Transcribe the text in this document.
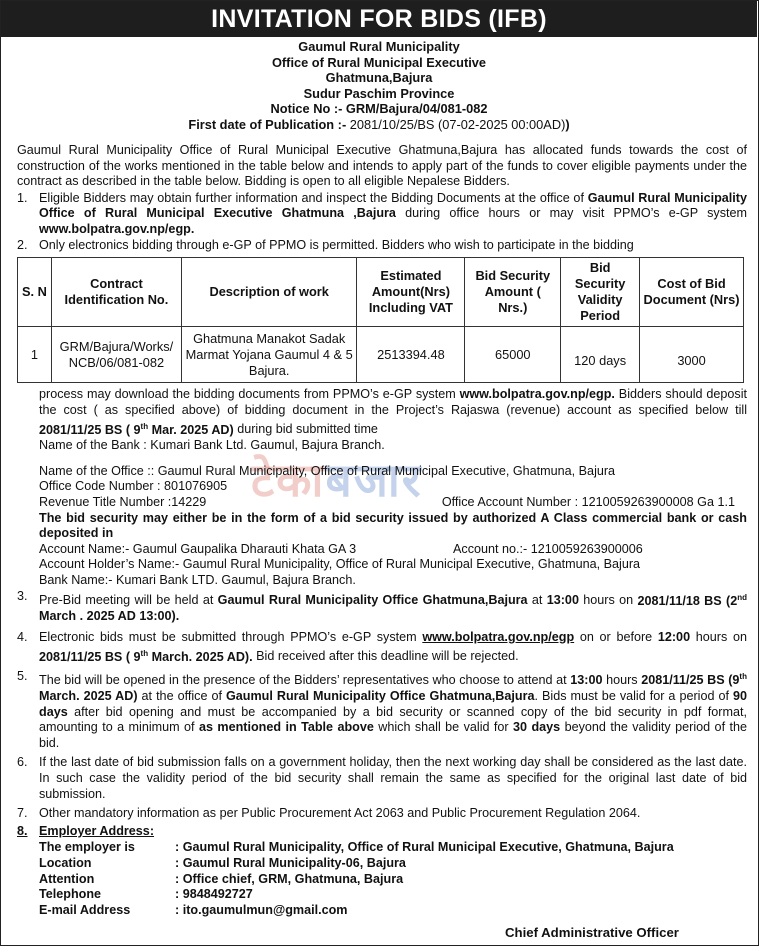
INVITATION FOR BIDS (IFB)
Gaumul Rural Municipality
Office of Rural Municipal Executive
Ghatmuna,Bajura
Sudur Paschim Province
Notice No :- GRM/Bajura/04/081-082
First date of Publication :- 2081/10/25/BS (07-02-2025 00:00AD))
Gaumul Rural Municipality Office of Rural Municipal Executive Ghatmuna,Bajura has allocated funds towards the cost of construction of the works mentioned in the table below and intends to apply part of the funds to cover eligible payments under the contract as described in the table below. Bidding is open to all eligible Nepalese Bidders.
1. Eligible Bidders may obtain further information and inspect the Bidding Documents at the office of Gaumul Rural Municipality Office of Rural Municipal Executive Ghatmuna ,Bajura during office hours or may visit PPMO’s e-GP system www.bolpatra.gov.np/egp.
2. Only electronics bidding through e-GP of PPMO is permitted. Bidders who wish to participate in the bidding
S. N	Contract Identification No.	Description of work	Estimated Amount(Nrs) Including VAT	Bid Security Amount ( Nrs.)	Bid Security Validity Period	Cost of Bid Document (Nrs)
1	GRM/Bajura/Works/ NCB/06/081-082	Ghatmuna Manakot Sadak Marmat Yojana Gaumul 4 & 5 Bajura.	2513394.48	65000	120 days	3000
process may download the bidding documents from PPMO’s e-GP system www.bolpatra.gov.np/egp. Bidders should deposit the cost ( as specified above) of bidding document in the Project’s Rajaswa (revenue) account as specified below till 2081/11/25 BS ( 9th Mar. 2025 AD) during bid submitted time
Name of the Bank : Kumari Bank Ltd. Gaumul, Bajura Branch.
Name of the Office :: Gaumul Rural Municipality, Office of Rural Municipal Executive, Ghatmuna, Bajura
Office Code Number : 801076905
Revenue Title Number :14229	Office Account Number : 1210059263900008 Ga 1.1
The bid security may either be in the form of a bid security issued by authorized A Class commercial bank or cash deposited in
Account Name:- Gaumul Gaupalika Dharauti Khata GA 3	Account no.:- 1210059263900006
Account Holder’s Name:- Gaumul Rural Municipality, Office of Rural Municipal Executive, Ghatmuna, Bajura
Bank Name:- Kumari Bank LTD. Gaumul, Bajura Branch.
3. Pre-Bid meeting will be held at Gaumul Rural Municipality Office Ghatmuna,Bajura at 13:00 hours on 2081/11/18 BS (2nd March . 2025 AD 13:00).
4. Electronic bids must be submitted through PPMO’s e-GP system www.bolpatra.gov.np/egp on or before 12:00 hours on 2081/11/25 BS ( 9th March. 2025 AD). Bid received after this deadline will be rejected.
5. The bid will be opened in the presence of the Bidders’ representatives who choose to attend at 13:00 hours 2081/11/25 BS (9th March. 2025 AD) at the office of Gaumul Rural Municipality Office Ghatmuna,Bajura. Bids must be valid for a period of 90 days after bid opening and must be accompanied by a bid security or scanned copy of the bid security in pdf format, amounting to a minimum of as mentioned in Table above which shall be valid for 30 days beyond the validity period of the bid.
6. If the last date of bid submission falls on a government holiday, then the next working day shall be considered as the last date. In such case the validity period of the bid security shall remain the same as specified for the original last date of bid submission.
7. Other mandatory information as per Public Procurement Act 2063 and Public Procurement Regulation 2064.
8. Employer Address:
The employer is	: Gaumul Rural Municipality, Office of Rural Municipal Executive, Ghatmuna, Bajura
Location	: Gaumul Rural Municipality-06, Bajura
Attention	: Office chief, GRM, Ghatmuna, Bajura
Telephone	: 9848492727
E-mail Address	: ito.gaumulmun@gmail.com
टेकाबजार
Chief Administrative Officer
